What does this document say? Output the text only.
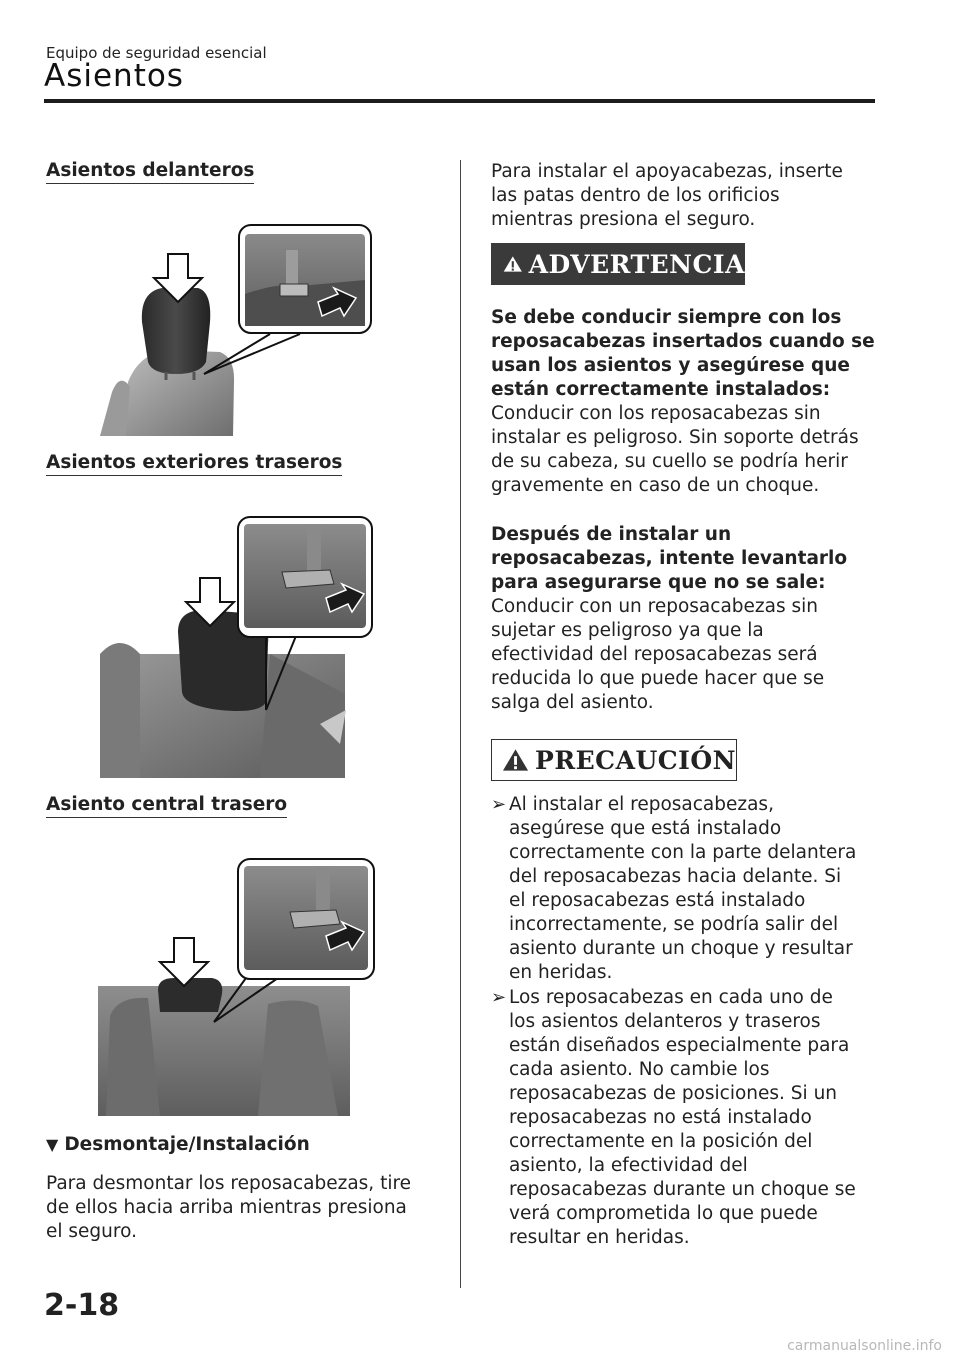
Equipo de seguridad esencial
Asientos
Asientos delanteros
Asientos exteriores traseros
Asiento central trasero
▼ Desmontaje/Instalación
Para desmontar los reposacabezas, tire
de ellos hacia arriba mientras presiona
el seguro.
Para instalar el apoyacabezas, inserte
las patas dentro de los orificios
mientras presiona el seguro.
ADVERTENCIA
Se debe conducir siempre con los
reposacabezas insertados cuando se
usan los asientos y asegúrese que
están correctamente instalados:
Conducir con los reposacabezas sin
instalar es peligroso. Sin soporte detrás
de su cabeza, su cuello se podría herir
gravemente en caso de un choque.
Después de instalar un
reposacabezas, intente levantarlo
para asegurarse que no se sale:
Conducir con un reposacabezas sin
sujetar es peligroso ya que la
efectividad del reposacabezas será
reducida lo que puede hacer que se
salga del asiento.
PRECAUCIÓN
➢ Al instalar el reposacabezas,
asegúrese que está instalado
correctamente con la parte delantera
del reposacabezas hacia delante. Si
el reposacabezas está instalado
incorrectamente, se podría salir del
asiento durante un choque y resultar
en heridas.
➢ Los reposacabezas en cada uno de
los asientos delanteros y traseros
están diseñados especialmente para
cada asiento. No cambie los
reposacabezas de posiciones. Si un
reposacabezas no está instalado
correctamente en la posición del
asiento, la efectividad del
reposacabezas durante un choque se
verá comprometida lo que puede
resultar en heridas.
2-18
carmanualsonline.info
